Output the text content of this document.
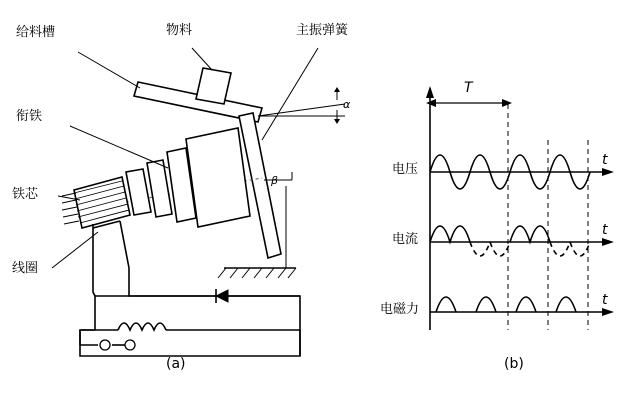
给料槽	物料	主振弹簧
衔铁
铁芯
线圈
α
β
(a)
T
电压
t
电流
t
电磁力
t
(b)
